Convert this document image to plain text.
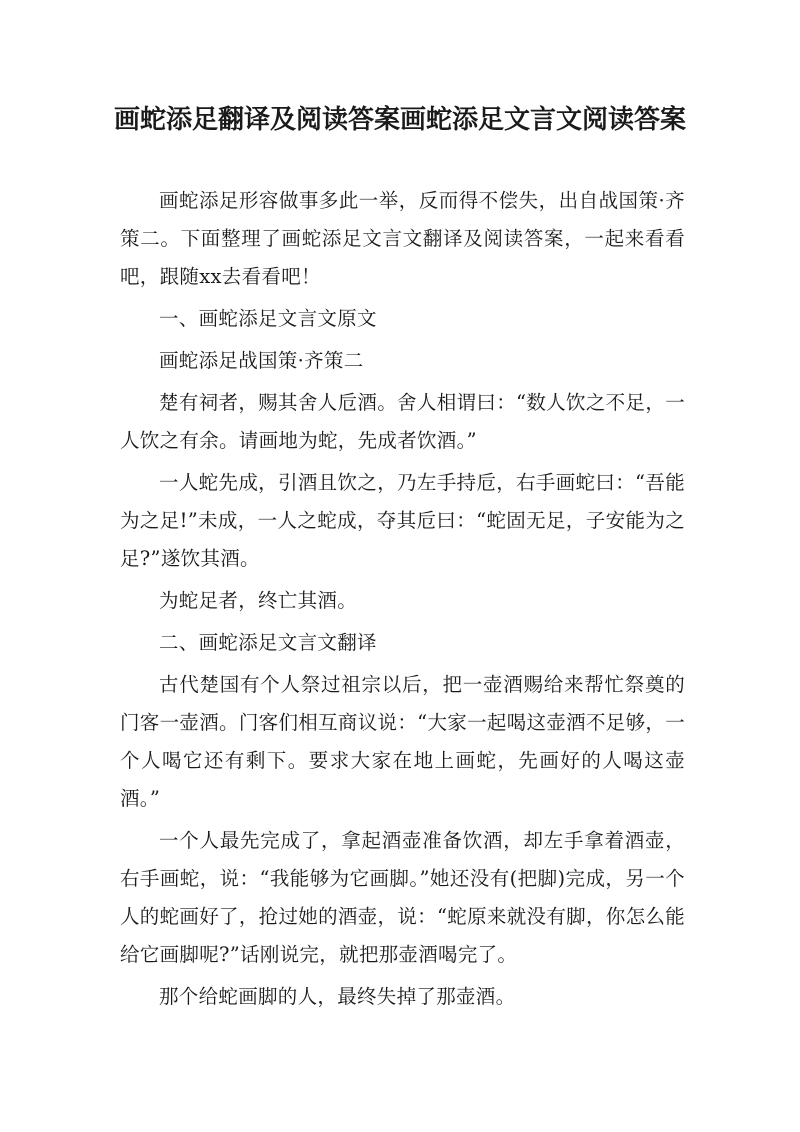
画蛇添足翻译及阅读答案画蛇添足文言文阅读答案

画蛇添足形容做事多此一举，反而得不偿失，出自战国策·齐策二。下面整理了画蛇添足文言文翻译及阅读答案，一起来看看吧，跟随xx去看看吧！

一、画蛇添足文言文原文

画蛇添足战国策·齐策二

楚有祠者，赐其舍人卮酒。舍人相谓曰：“数人饮之不足，一人饮之有余。请画地为蛇，先成者饮酒。”

一人蛇先成，引酒且饮之，乃左手持卮，右手画蛇曰：“吾能为之足!”未成，一人之蛇成，夺其卮曰：“蛇固无足，子安能为之足?”遂饮其酒。

为蛇足者，终亡其酒。

二、画蛇添足文言文翻译

古代楚国有个人祭过祖宗以后，把一壶酒赐给来帮忙祭奠的门客一壶酒。门客们相互商议说：“大家一起喝这壶酒不足够，一个人喝它还有剩下。要求大家在地上画蛇，先画好的人喝这壶酒。”

一个人最先完成了，拿起酒壶准备饮酒，却左手拿着酒壶，右手画蛇，说：“我能够为它画脚。”她还没有(把脚)完成，另一个人的蛇画好了，抢过她的酒壶，说：“蛇原来就没有脚，你怎么能给它画脚呢?”话刚说完，就把那壶酒喝完了。

那个给蛇画脚的人，最终失掉了那壶酒。
